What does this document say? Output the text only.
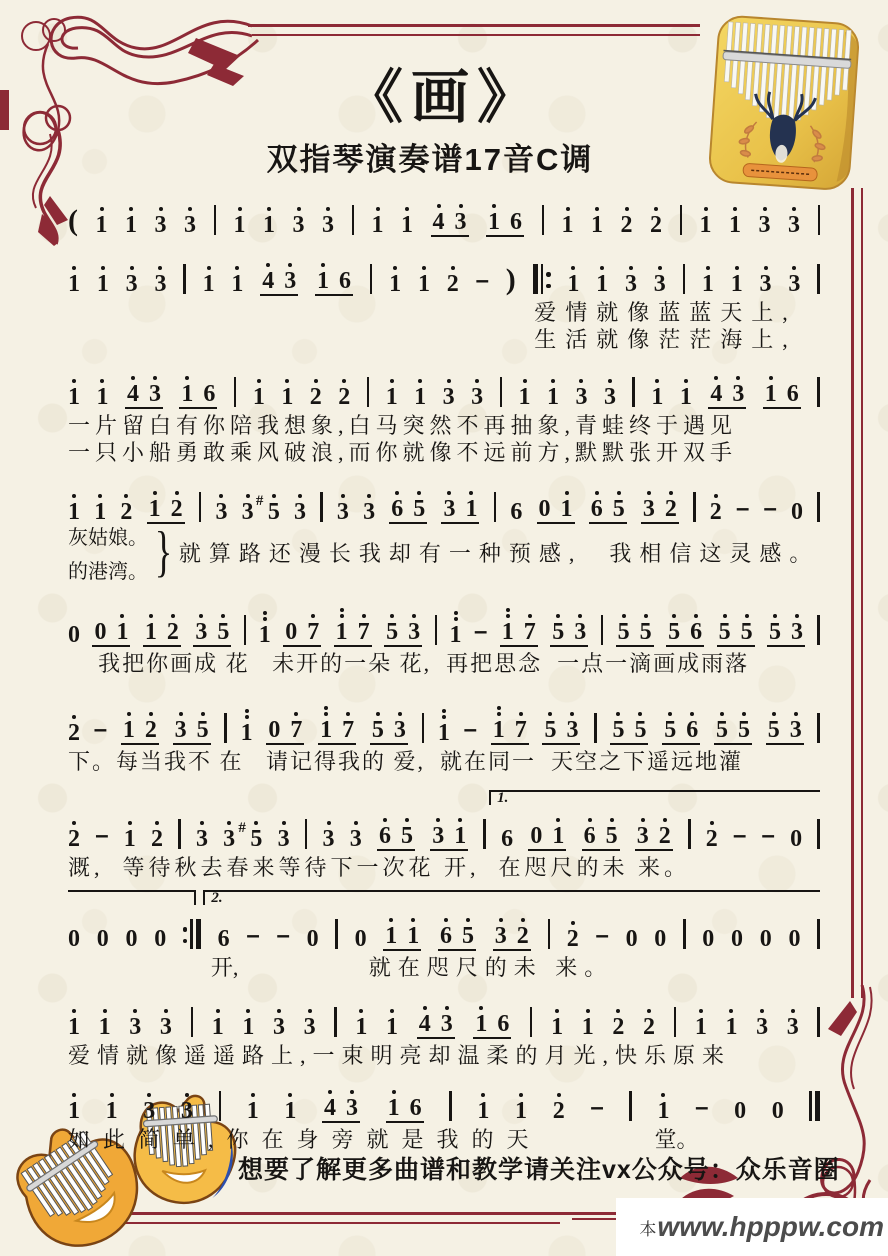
《画》
双指琴演奏谱17音C调
( 1 1 3 3 1 1 3 3 1 1 4 3 1 6 1 1 2 2 1 1 3 3
1 1 3 3 1 1 4 3 1 6 1 1 2 – ) 1 1 3 3 1 1 3 3
爱情就像蓝蓝天上,
生活就像茫茫海上,
1 1 4 3 1 6 1 1 2 2 1 1 3 3 1 1 3 3 1 1 4 3 1 6
一片留白有你陪我想象,白马突然不再抽象,青蛙终于遇见
一只小船勇敢乘风破浪,而你就像不远前方,默默张开双手
1 1 2 1 2 3 3 # 5 3 3 3 6 5 3 1 6 0 1 6 5 3 2 2 – – 0
灰姑娘。
的港湾。 } 就算路还漫长我却有一种预感,  我相信这灵感。
0 0 1 1 2 3 5 1 0 7 1 7 5 3 1 – 1 7 5 3 5 5 5 6 5 5 5 3
我把你画成 花   未开的一朵 花,  再把思念  一点一滴画成雨落
2 – 1 2 3 5 1 0 7 1 7 5 3 1 – 1 7 5 3 5 5 5 6 5 5 5 3
下。每当我不 在   请记得我的 爱,  就在同一  天空之下遥远地灌
1.
2 – 1 2 3 3 # 5 3 3 3 6 5 3 1 6 0 1 6 5 3 2 2 – – 0
溉,  等待秋去春来等待下一次花 开,  在咫尺的未 来。
2.
0 0 0 0 6 – – 0 0 1 1 6 5 3 2 2 – 0 0 0 0 0 0
开,	就在咫尺的未 来。
1 1 3 3 1 1 3 3 1 1 4 3 1 6 1 1 2 2 1 1 3 3
爱情就像遥遥路上,一束明亮却温柔的月光,快乐原来
1 1 3 3 1 1 4 3 1 6 1 1 2 – 1 – 0 0
如此简单,你在身旁就是我的天	堂。
想要了解更多曲谱和教学请关注vx公众号：众乐音圈
本 www.hpppw.com
